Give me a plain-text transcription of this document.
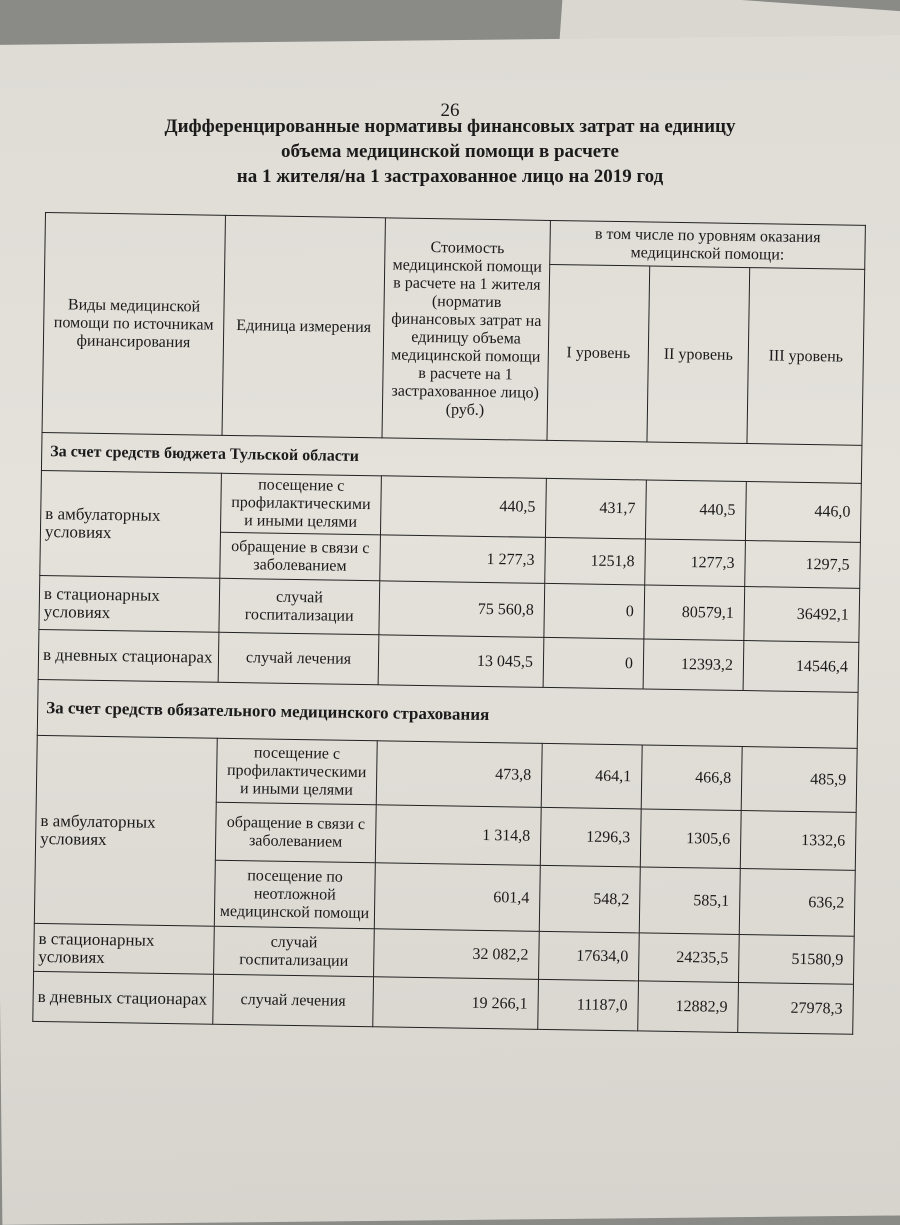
26
Дифференцированные нормативы финансовых затрат на единицу
объема медицинской помощи в расчете
на 1 жителя/на 1 застрахованное лицо на 2019 год
Виды медицинской помощи по источникам финансирования	Единица измерения	Стоимость медицинской помощи в расчете на 1 жителя (норматив финансовых затрат на единицу объема медицинской помощи в расчете на 1 застрахованное лицо) (руб.)	в том числе по уровням оказания медицинской помощи:		
			I уровень	II уровень	III уровень
За счет средств бюджета Тульской области					
в амбулаторных условиях	посещение с профилактическими и иными целями	440,5	431,7	440,5	446,0
	обращение в связи с заболеванием	1 277,3	1251,8	1277,3	1297,5
в стационарных условиях	случай госпитализации	75 560,8	0	80579,1	36492,1
в дневных стационарах	случай лечения	13 045,5	0	12393,2	14546,4
За счет средств обязательного медицинского страхования					
в амбулаторных условиях	посещение с профилактическими и иными целями	473,8	464,1	466,8	485,9
	обращение в связи с заболеванием	1 314,8	1296,3	1305,6	1332,6
	посещение по неотложной медицинской помощи	601,4	548,2	585,1	636,2
в стационарных условиях	случай госпитализации	32 082,2	17634,0	24235,5	51580,9
в дневных стационарах	случай лечения	19 266,1	11187,0	12882,9	27978,3
